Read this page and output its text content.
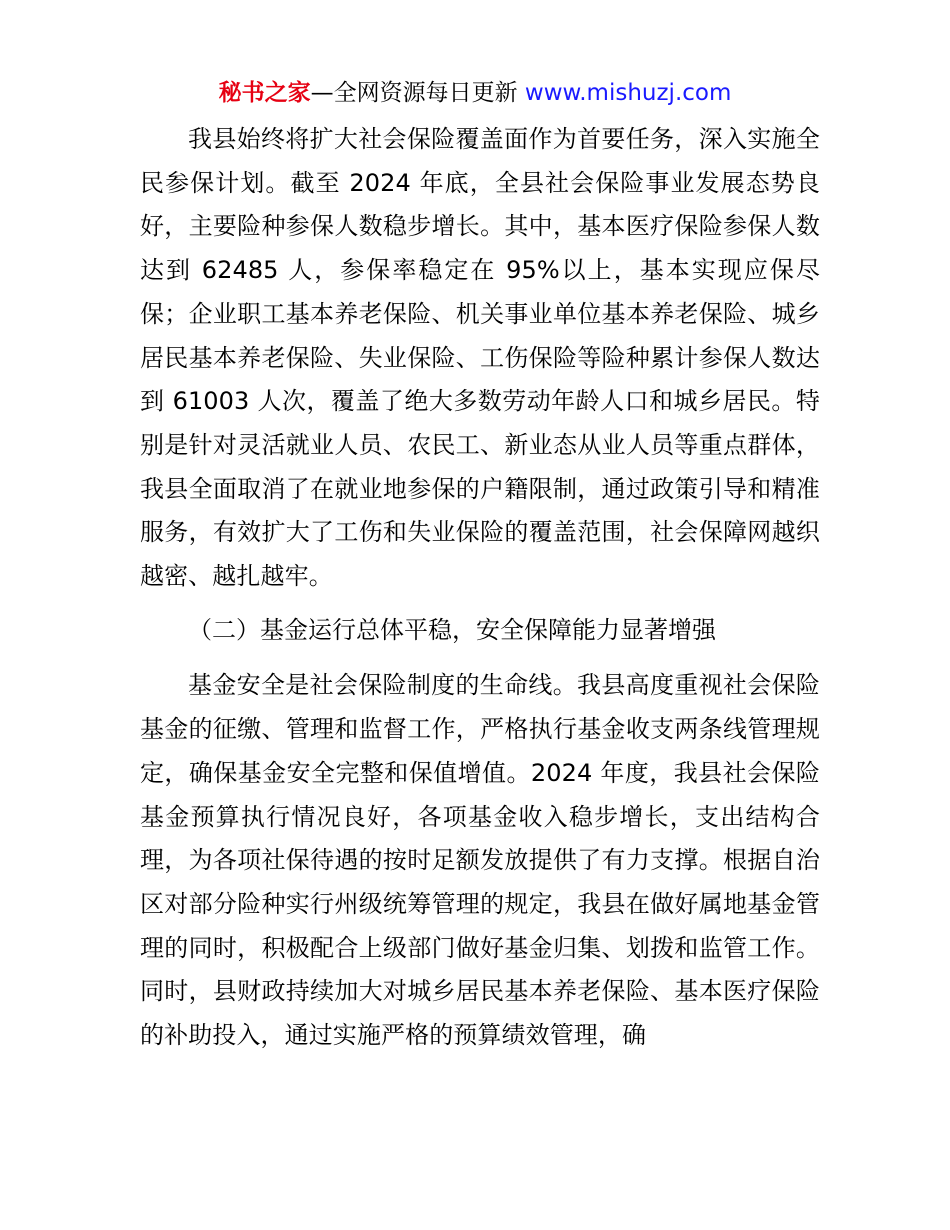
秘书之家—全网资源每日更新 www.mishuzj.com

我县始终将扩大社会保险覆盖面作为首要任务，深入实施全民参保计划。截至 2024 年底，全县社会保险事业发展态势良好，主要险种参保人数稳步增长。其中，基本医疗保险参保人数达到 62485 人，参保率稳定在 95%以上，基本实现应保尽保；企业职工基本养老保险、机关事业单位基本养老保险、城乡居民基本养老保险、失业保险、工伤保险等险种累计参保人数达到 61003 人次，覆盖了绝大多数劳动年龄人口和城乡居民。特别是针对灵活就业人员、农民工、新业态从业人员等重点群体，我县全面取消了在就业地参保的户籍限制，通过政策引导和精准服务，有效扩大了工伤和失业保险的覆盖范围，社会保障网越织越密、越扎越牢。

（二）基金运行总体平稳，安全保障能力显著增强

基金安全是社会保险制度的生命线。我县高度重视社会保险基金的征缴、管理和监督工作，严格执行基金收支两条线管理规定，确保基金安全完整和保值增值。2024 年度，我县社会保险基金预算执行情况良好，各项基金收入稳步增长，支出结构合理，为各项社保待遇的按时足额发放提供了有力支撑。根据自治区对部分险种实行州级统筹管理的规定，我县在做好属地基金管理的同时，积极配合上级部门做好基金归集、划拨和监管工作。同时，县财政持续加大对城乡居民基本养老保险、基本医疗保险的补助投入，通过实施严格的预算绩效管理，确
